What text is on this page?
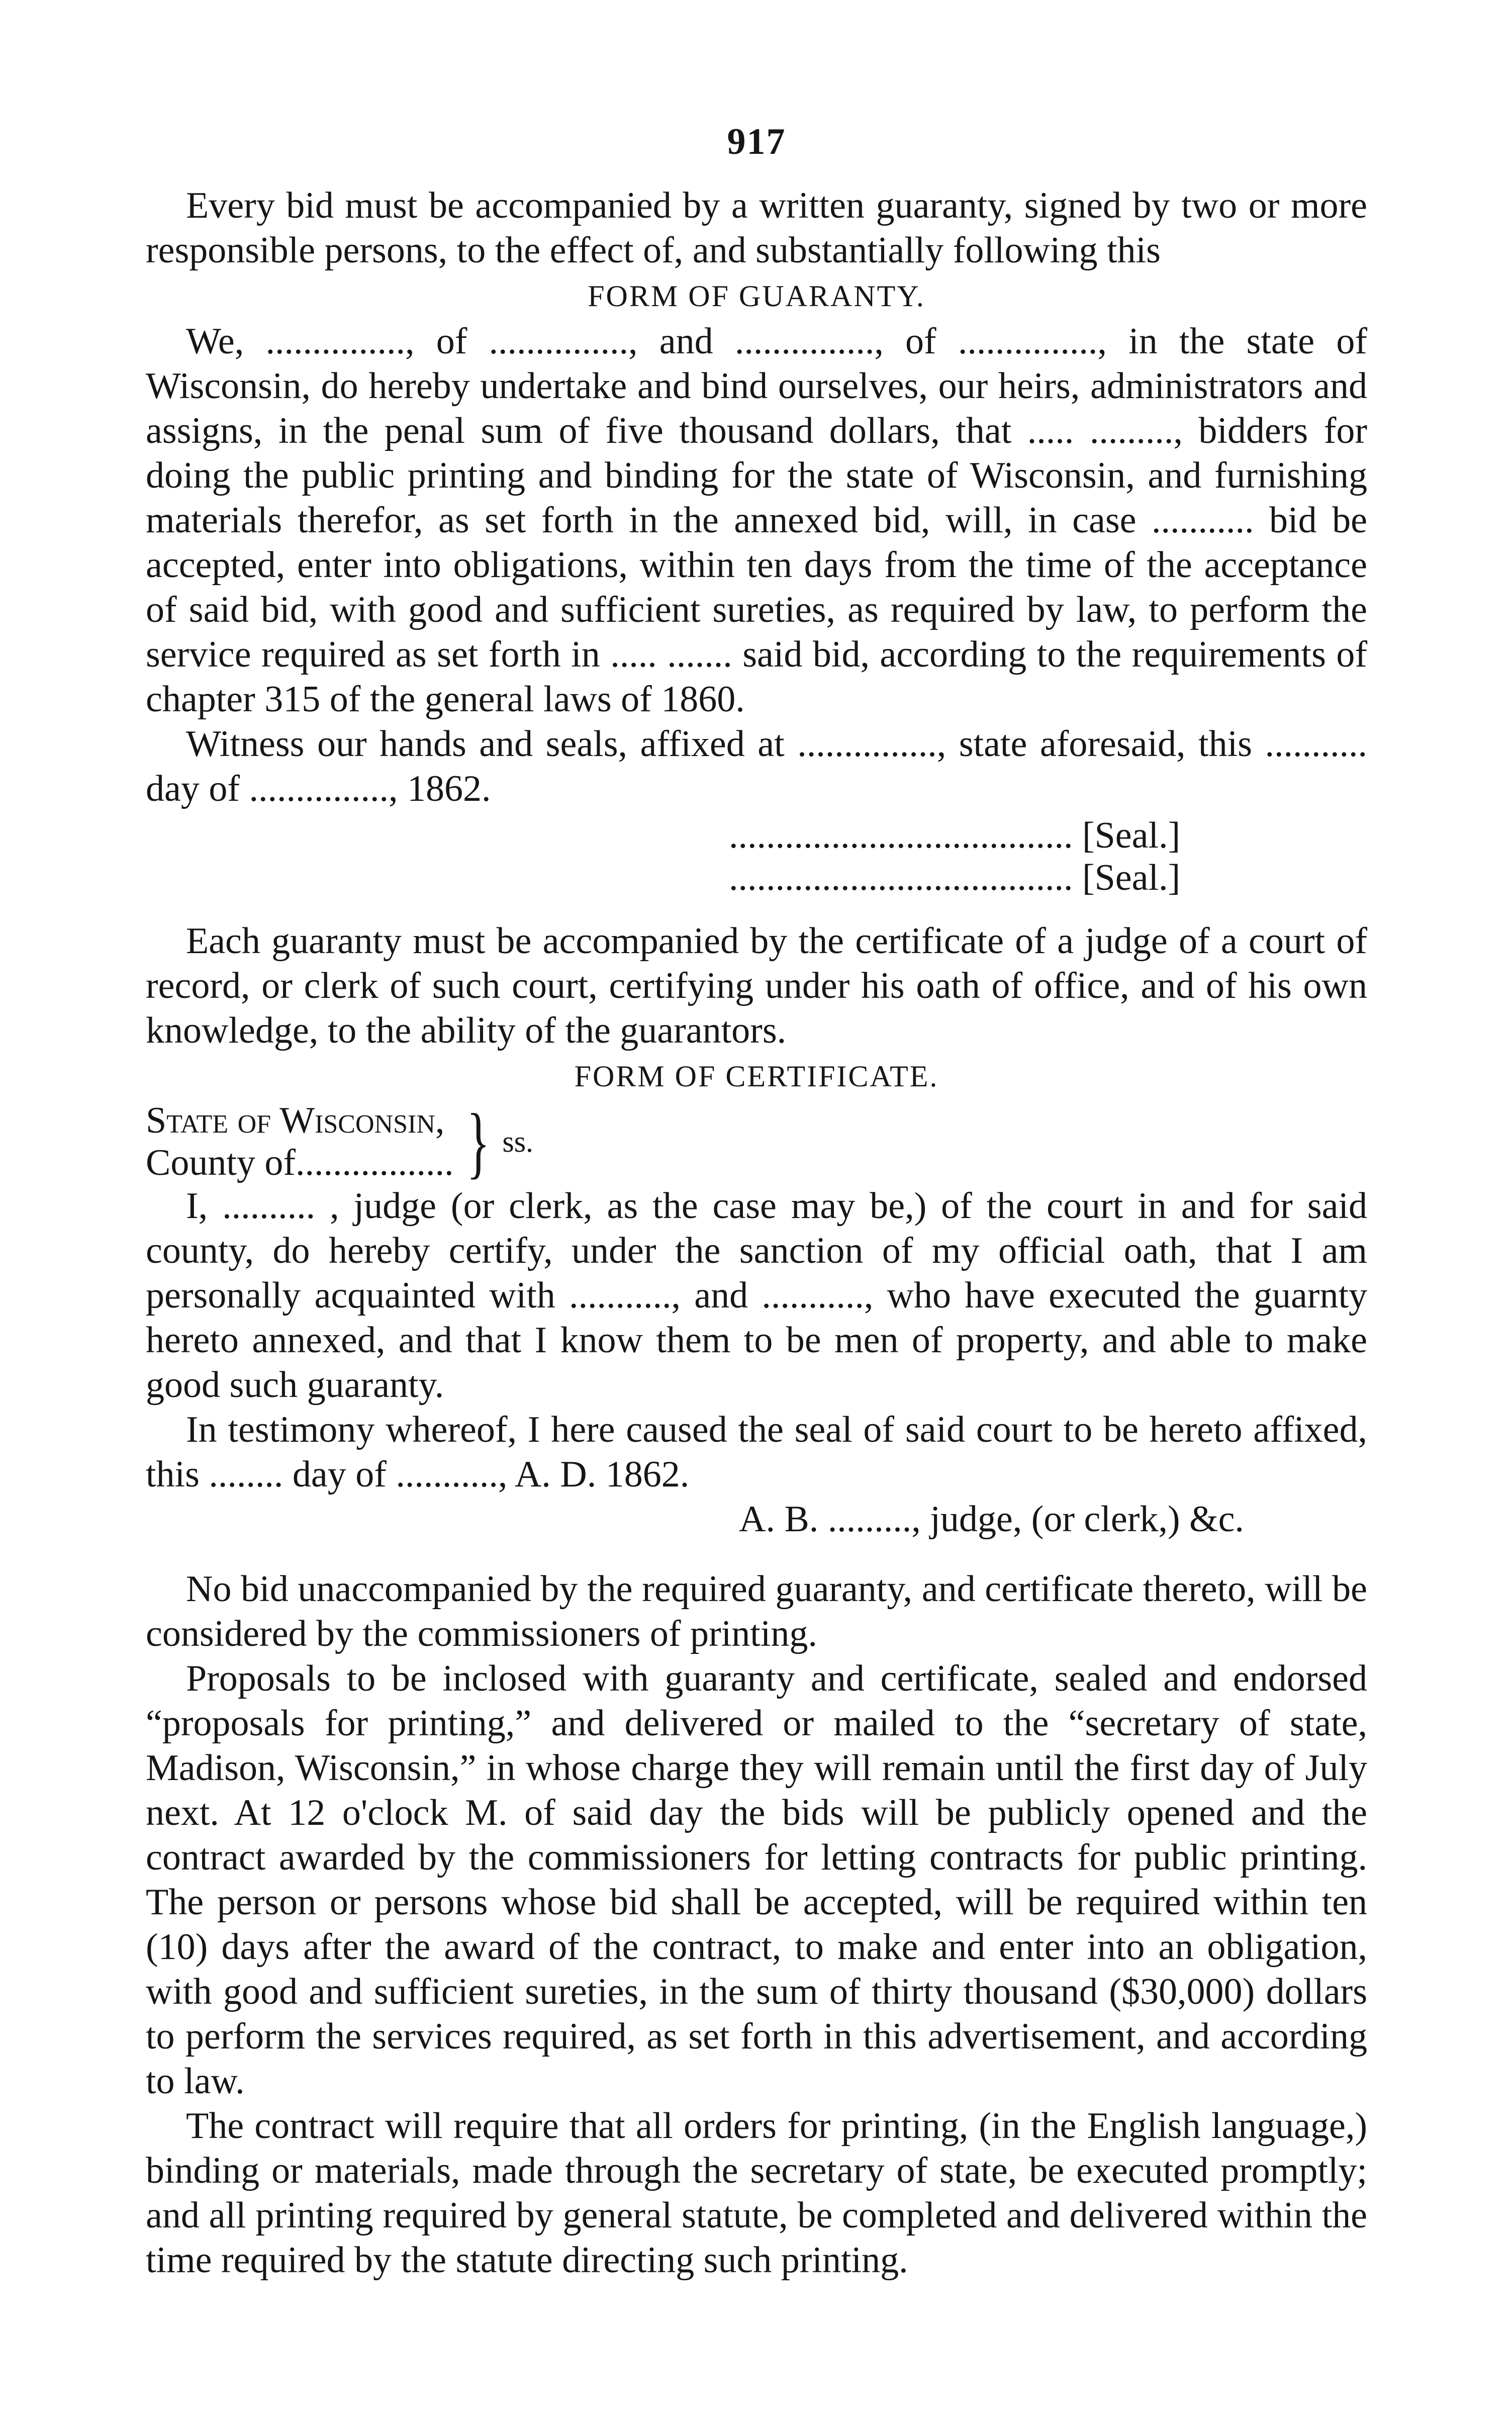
917

Every bid must be accompanied by a written guaranty, signed by two or more responsible persons, to the effect of, and substantially following this

FORM OF GUARANTY.

We, ..............., of ..............., and ..............., of ..............., in the state of Wisconsin, do hereby undertake and bind ourselves, our heirs, administrators and assigns, in the penal sum of five thousand dollars, that ..... ........., bidders for doing the public printing and binding for the state of Wisconsin, and furnishing materials therefor, as set forth in the annexed bid, will, in case ........... bid be accepted, enter into obligations, within ten days from the time of the acceptance of said bid, with good and sufficient sureties, as required by law, to perform the service required as set forth in ..... ....... said bid, according to the requirements of chapter 315 of the general laws of 1860.

Witness our hands and seals, affixed at ..............., state aforesaid, this ........... day of ..............., 1862.

..................................... [Seal.]
..................................... [Seal.]

Each guaranty must be accompanied by the certificate of a judge of a court of record, or clerk of such court, certifying under his oath of office, and of his own knowledge, to the ability of the guarantors.

FORM OF CERTIFICATE.
State of Wisconsin,
County of................. } ss.

I, .......... , judge (or clerk, as the case may be,) of the court in and for said county, do hereby certify, under the sanction of my official oath, that I am personally acquainted with ..........., and ..........., who have executed the guarnty hereto annexed, and that I know them to be men of property, and able to make good such guaranty.

In testimony whereof, I here caused the seal of said court to be hereto affixed, this ........ day of ..........., A. D. 1862.

A. B. ........., judge, (or clerk,) &c.

No bid unaccompanied by the required guaranty, and certificate thereto, will be considered by the commissioners of printing.

Proposals to be inclosed with guaranty and certificate, sealed and endorsed “proposals for printing,” and delivered or mailed to the “secretary of state, Madison, Wisconsin,” in whose charge they will remain until the first day of July next. At 12 o'clock M. of said day the bids will be publicly opened and the contract awarded by the commissioners for letting contracts for public printing. The person or persons whose bid shall be accepted, will be required within ten (10) days after the award of the contract, to make and enter into an obligation, with good and sufficient sureties, in the sum of thirty thousand ($30,000) dollars to perform the services required, as set forth in this advertisement, and according to law.

The contract will require that all orders for printing, (in the English language,) binding or materials, made through the secretary of state, be executed promptly; and all printing required by general statute, be completed and delivered within the time required by the statute directing such printing.
